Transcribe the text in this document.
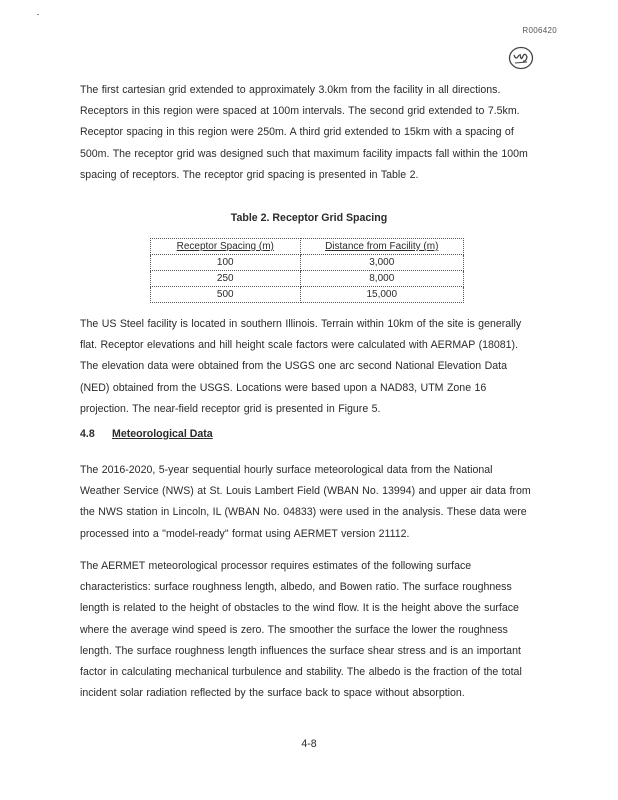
R006420

The first cartesian grid extended to approximately 3.0km from the facility in all directions. Receptors in this region were spaced at 100m intervals. The second grid extended to 7.5km. Receptor spacing in this region were 250m. A third grid extended to 15km with a spacing of 500m. The receptor grid was designed such that maximum facility impacts fall within the 100m spacing of receptors. The receptor grid spacing is presented in Table 2.

Table 2. Receptor Grid Spacing
Receptor Spacing (m)	Distance from Facility (m)
100	3,000
250	8,000
500	15,000

The US Steel facility is located in southern Illinois. Terrain within 10km of the site is generally flat. Receptor elevations and hill height scale factors were calculated with AERMAP (18081). The elevation data were obtained from the USGS one arc second National Elevation Data (NED) obtained from the USGS. Locations were based upon a NAD83, UTM Zone 16 projection. The near-field receptor grid is presented in Figure 5.

4.8 Meteorological Data

The 2016-2020, 5-year sequential hourly surface meteorological data from the National Weather Service (NWS) at St. Louis Lambert Field (WBAN No. 13994) and upper air data from the NWS station in Lincoln, IL (WBAN No. 04833) were used in the analysis. These data were processed into a "model-ready" format using AERMET version 21112.

The AERMET meteorological processor requires estimates of the following surface characteristics: surface roughness length, albedo, and Bowen ratio. The surface roughness length is related to the height of obstacles to the wind flow. It is the height above the surface where the average wind speed is zero. The smoother the surface the lower the roughness length. The surface roughness length influences the surface shear stress and is an important factor in calculating mechanical turbulence and stability. The albedo is the fraction of the total incident solar radiation reflected by the surface back to space without absorption.

4-8
